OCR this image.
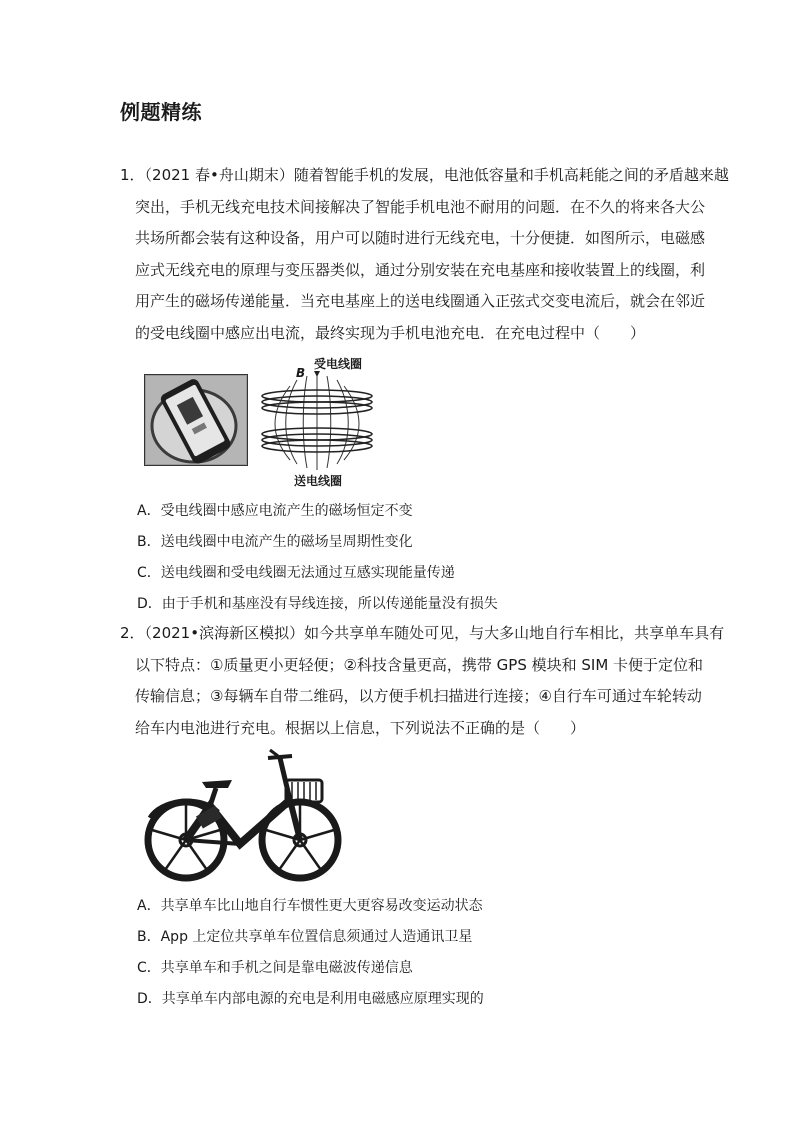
例题精练
1．（2021 春•舟山期末）随着智能手机的发展，电池低容量和手机高耗能之间的矛盾越来越
突出，手机无线充电技术间接解决了智能手机电池不耐用的问题．在不久的将来各大公
共场所都会装有这种设备，用户可以随时进行无线充电，十分便捷．如图所示，电磁感
应式无线充电的原理与变压器类似，通过分别安装在充电基座和接收装置上的线圈，利
用产生的磁场传递能量．当充电基座上的送电线圈通入正弦式交变电流后，就会在邻近
的受电线圈中感应出电流，最终实现为手机电池充电．在充电过程中（　　）
受电线圈
B
送电线圈
A．受电线圈中感应电流产生的磁场恒定不变
B．送电线圈中电流产生的磁场呈周期性变化
C．送电线圈和受电线圈无法通过互感实现能量传递
D．由于手机和基座没有导线连接，所以传递能量没有损失
2．（2021•滨海新区模拟）如今共享单车随处可见，与大多山地自行车相比，共享单车具有
以下特点：①质量更小更轻便；②科技含量更高，携带 GPS 模块和 SIM 卡便于定位和
传输信息；③每辆车自带二维码，以方便手机扫描进行连接；④自行车可通过车轮转动
给车内电池进行充电。根据以上信息，下列说法不正确的是（　　）
A．共享单车比山地自行车惯性更大更容易改变运动状态
B．App 上定位共享单车位置信息须通过人造通讯卫星
C．共享单车和手机之间是靠电磁波传递信息
D．共享单车内部电源的充电是利用电磁感应原理实现的
